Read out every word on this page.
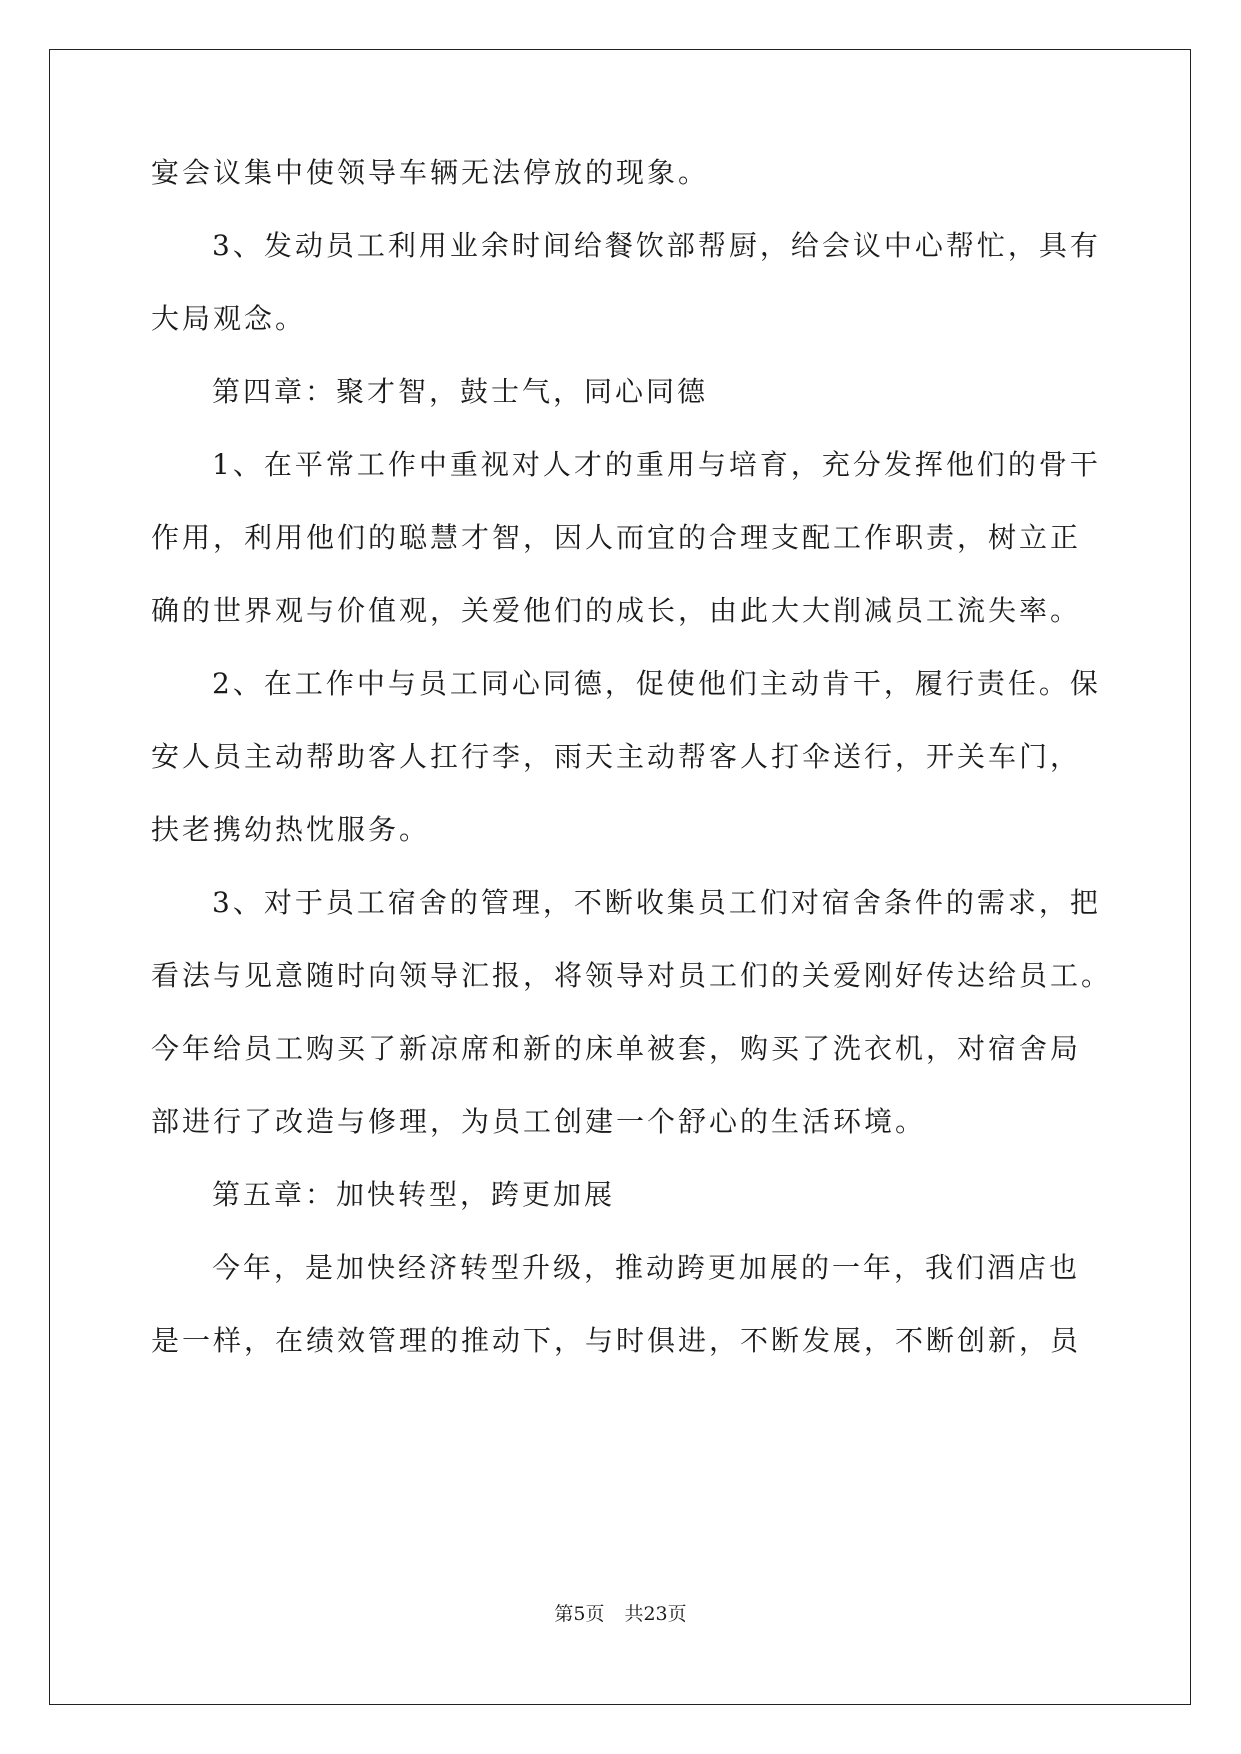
宴会议集中使领导车辆无法停放的现象。
3、发动员工利用业余时间给餐饮部帮厨，给会议中心帮忙，具有
大局观念。
第四章：聚才智，鼓士气，同心同德
1、在平常工作中重视对人才的重用与培育，充分发挥他们的骨干
作用，利用他们的聪慧才智，因人而宜的合理支配工作职责，树立正
确的世界观与价值观，关爱他们的成长，由此大大削减员工流失率。
2、在工作中与员工同心同德，促使他们主动肯干，履行责任。保
安人员主动帮助客人扛行李，雨天主动帮客人打伞送行，开关车门，
扶老携幼热忱服务。
3、对于员工宿舍的管理，不断收集员工们对宿舍条件的需求，把
看法与见意随时向领导汇报，将领导对员工们的关爱刚好传达给员工。
今年给员工购买了新凉席和新的床单被套，购买了洗衣机，对宿舍局
部进行了改造与修理，为员工创建一个舒心的生活环境。
第五章：加快转型，跨更加展
今年，是加快经济转型升级，推动跨更加展的一年，我们酒店也
是一样，在绩效管理的推动下，与时俱进，不断发展，不断创新，员
第5页 共23页
